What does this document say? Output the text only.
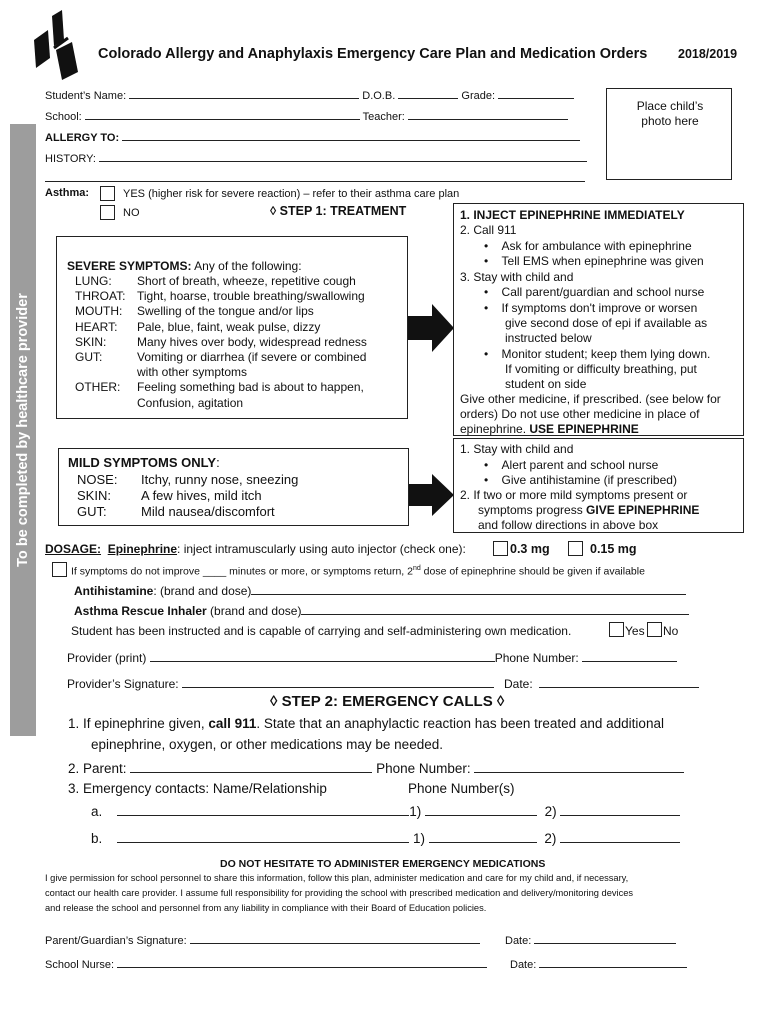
Colorado Allergy and Anaphylaxis Emergency Care Plan and Medication Orders 2018/2019
Place child’s photo here
Student’s Name:	D.O.B.	Grade:
School:	Teacher:
ALLERGY TO:
HISTORY:
To be completed by healthcare provider
Asthma:	YES (higher risk for severe reaction) – refer to their asthma care plan
NO	◊ STEP 1: TREATMENT
SEVERE SYMPTOMS: Any of the following:
LUNG: Short of breath, wheeze, repetitive cough
THROAT: Tight, hoarse, trouble breathing/swallowing
MOUTH: Swelling of the tongue and/or lips
HEART: Pale, blue, faint, weak pulse, dizzy
SKIN:	Many hives over body, widespread redness
GUT:	Vomiting or diarrhea (if severe or combined
with other symptoms
OTHER: Feeling something bad is about to happen,
Confusion, agitation
1. INJECT EPINEPHRINE IMMEDIATELY
2. Call 911
•    Ask for ambulance with epinephrine
•    Tell EMS when epinephrine was given
3. Stay with child and
•    Call parent/guardian and school nurse
•    If symptoms don't improve or worsen
give second dose of epi if available as
instructed below
•    Monitor student; keep them lying down.
If vomiting or difficulty breathing, put
student on side
Give other medicine, if prescribed. (see below for
orders) Do not use other medicine in place of
epinephrine. USE EPINEPHRINE
MILD SYMPTOMS ONLY:
NOSE: Itchy, runny nose, sneezing
SKIN: A few hives, mild itch
GUT:	Mild nausea/discomfort
1. Stay with child and
•    Alert parent and school nurse
•    Give antihistamine (if prescribed)
2. If two or more mild symptoms present or
symptoms progress GIVE EPINEPHRINE
and follow directions in above box
DOSAGE: Epinephrine: inject intramuscularly using auto injector (check one):	0.3 mg	0.15 mg
If symptoms do not improve ____ minutes or more, or symptoms return, 2nd dose of epinephrine should be given if available
Antihistamine: (brand and dose)
Asthma Rescue Inhaler (brand and dose)
Student has been instructed and is capable of carrying and self-administering own medication.	Yes No
Provider (print)	Phone Number:
Provider’s Signature:	Date:
◊ STEP 2: EMERGENCY CALLS ◊
1. If epinephrine given, call 911. State that an anaphylactic reaction has been treated and additional
epinephrine, oxygen, or other medications may be needed.
2. Parent:	Phone Number:
3. Emergency contacts: Name/Relationship	Phone Number(s)
a.	1)	2)
b.	1)	2)
DO NOT HESITATE TO ADMINISTER EMERGENCY MEDICATIONS
I give permission for school personnel to share this information, follow this plan, administer medication and care for my child and, if necessary,
contact our health care provider. I assume full responsibility for providing the school with prescribed medication and delivery/monitoring devices
and release the school and personnel from any liability in compliance with their Board of Education policies.
Parent/Guardian’s Signature:	Date:
School Nurse:	Date:
